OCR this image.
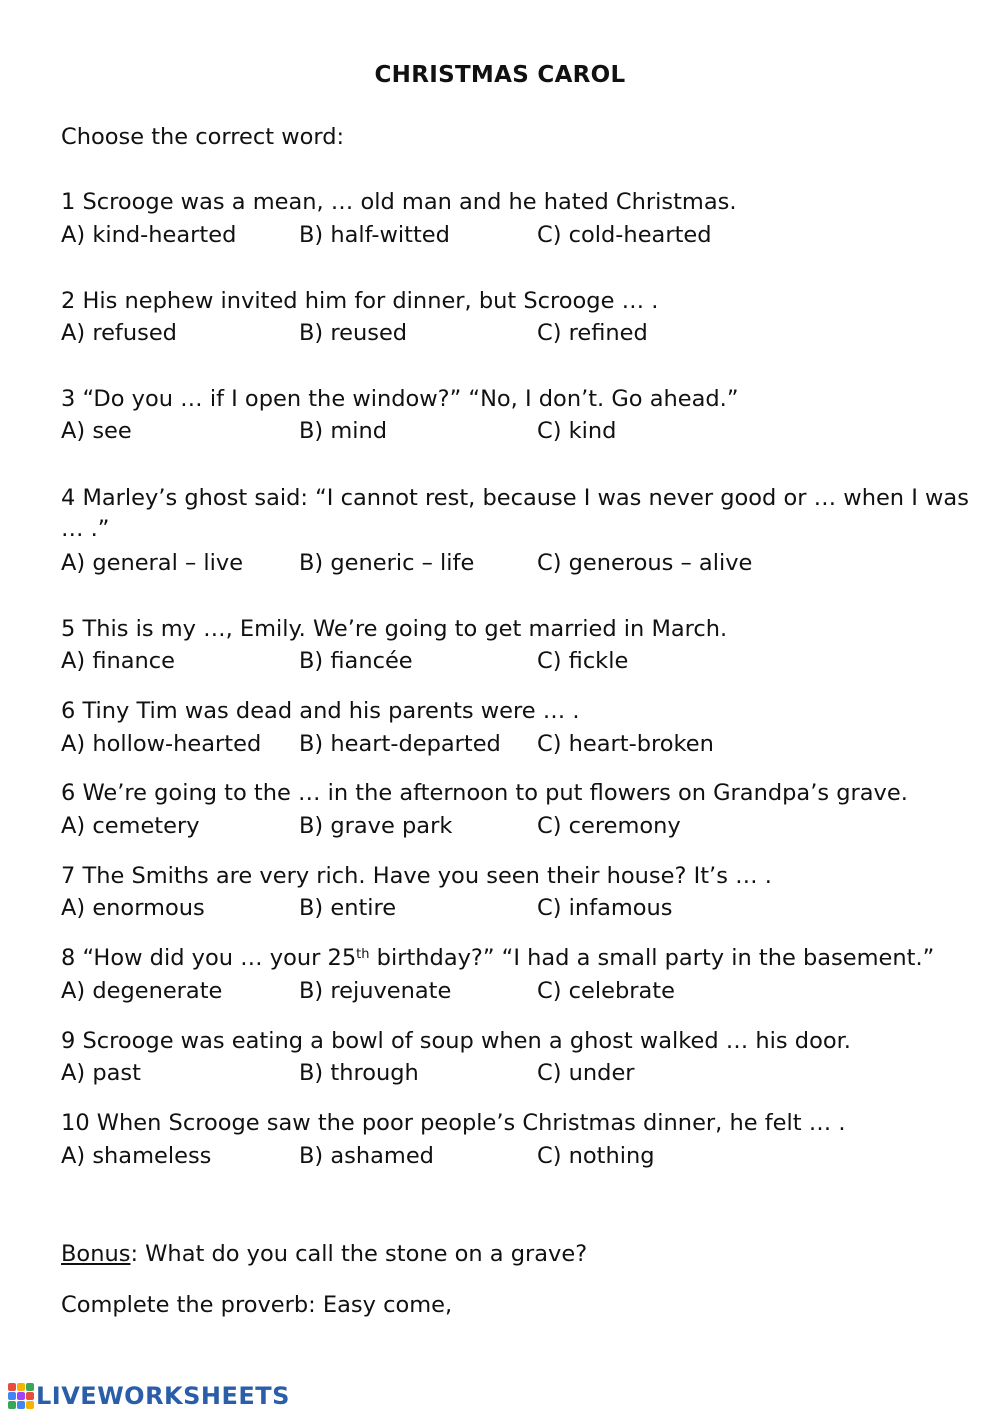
CHRISTMAS CAROL
Choose the correct word:
1 Scrooge was a mean, … old man and he hated Christmas.
A) kind-hearted	B) half-witted	C) cold-hearted
2 His nephew invited him for dinner, but Scrooge … .
A) refused	B) reused	C) refined
3 “Do you … if I open the window?” “No, I don’t. Go ahead.”
A) see	B) mind	C) kind
4 Marley’s ghost said: “I cannot rest, because I was never good or … when I was
… .”
A) general – live B) generic – life	C) generous – alive
5 This is my …, Emily. We’re going to get married in March.
A) finance	B) fiancée	C) fickle
6 Tiny Tim was dead and his parents were … .
A) hollow-hearted B) heart-departed C) heart-broken
6 We’re going to the … in the afternoon to put flowers on Grandpa’s grave.
A) cemetery	B) grave park	C) ceremony
7 The Smiths are very rich. Have you seen their house? It’s … .
A) enormous	B) entire	C) infamous
8 “How did you … your 25th birthday?” “I had a small party in the basement.”
A) degenerate	B) rejuvenate	C) celebrate
9 Scrooge was eating a bowl of soup when a ghost walked … his door.
A) past	B) through	C) under
10 When Scrooge saw the poor people’s Christmas dinner, he felt … .
A) shameless	B) ashamed	C) nothing
Bonus: What do you call the stone on a grave?
Complete the proverb: Easy come,
LIVEWORKSHEETS
